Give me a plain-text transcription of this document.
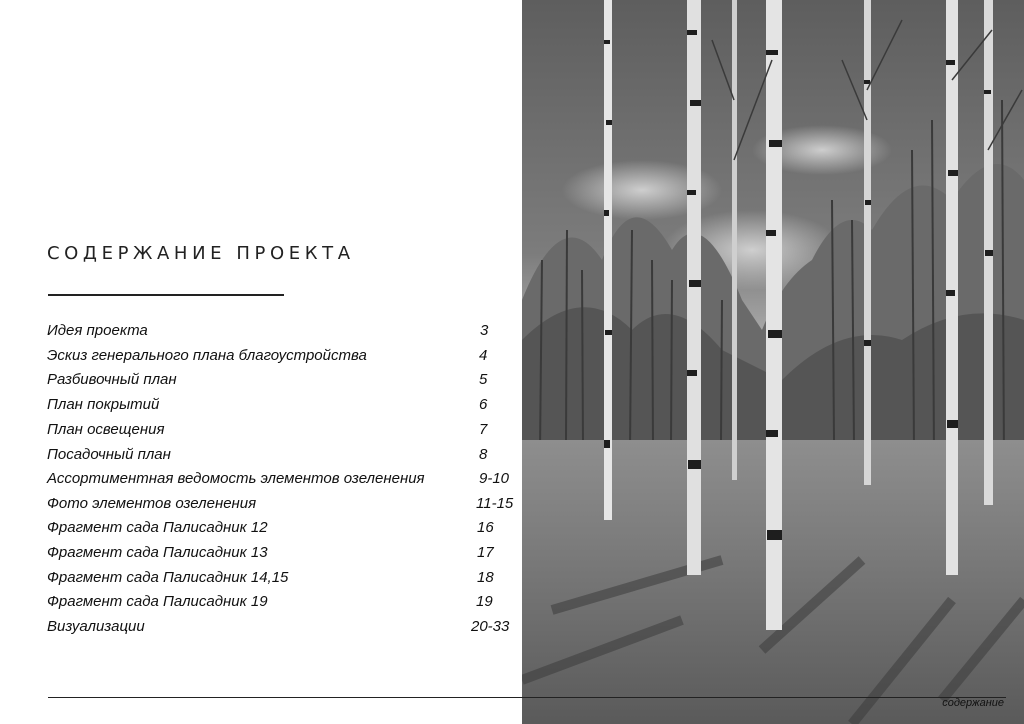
СОДЕРЖАНИЕ ПРОЕКТА
Идея проекта	3
Эскиз генерального плана благоустройства	4
Разбивочный план	5
План покрытий	6
План освещения	7
Посадочный план	8
Ассортиментная ведомость элементов озеленения	9-10
Фото элементов озеленения	11-15
Фрагмент сада Палисадник 12	16
Фрагмент сада Палисадник 13	17
Фрагмент сада Палисадник 14,15	18
Фрагмент сада Палисадник 19	19
Визуализации	20-33
содержание
